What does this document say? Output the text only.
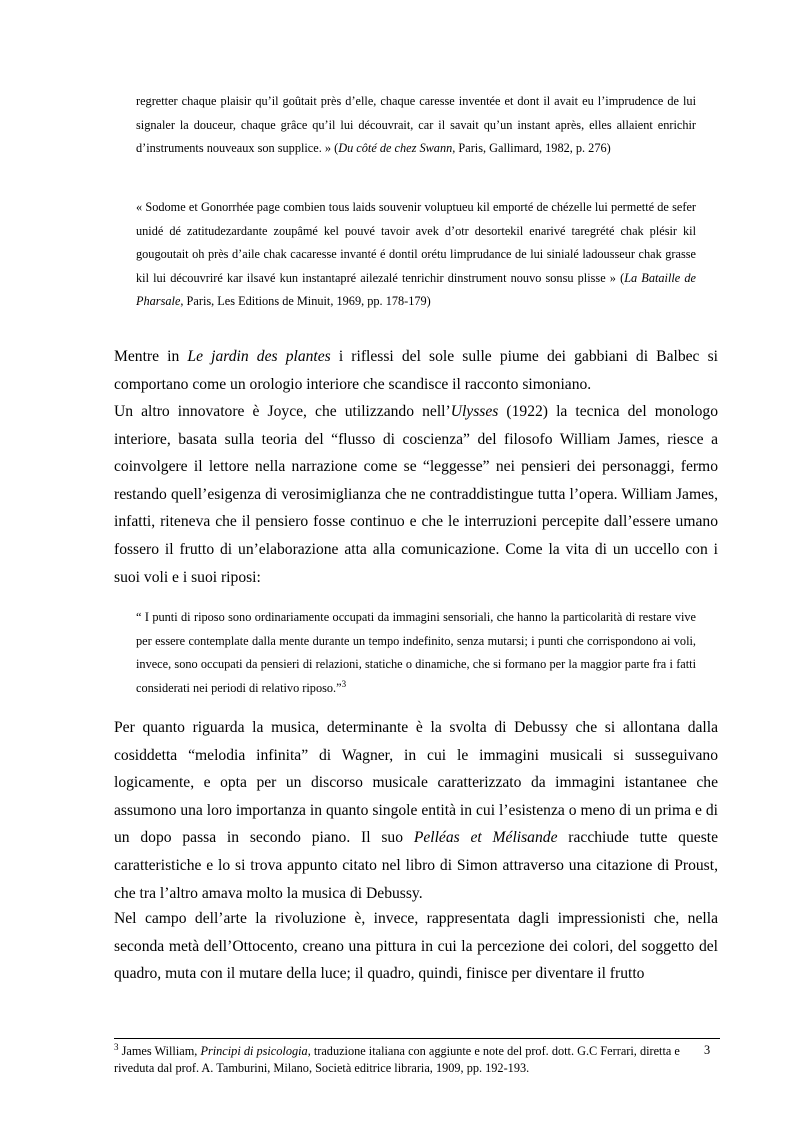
regretter chaque plaisir qu’il goûtait près d’elle, chaque caresse inventée et dont il avait eu l’imprudence de lui signaler la douceur, chaque grâce qu’il lui découvrait, car il savait qu’un instant après, elles allaient enrichir d’instruments nouveaux son supplice. » (Du côté de chez Swann, Paris, Gallimard, 1982, p. 276)

« Sodome et Gonorrhée page combien tous laids souvenir voluptueu kil emporté de chézelle lui permetté de sefer unidé dé zatitudezardante zoupâmé kel pouvé tavoir avek d’otr desortekil enarivé taregrété chak plésir kil gougoutait oh près d’aile chak cacaresse invanté é dontil orétu limprudance de lui sinialé ladousseur chak grasse kil lui découvriré kar ilsavé kun instantapré ailezalé tenrichir dinstrument nouvo sonsu plisse » (La Bataille de Pharsale, Paris, Les Editions de Minuit, 1969, pp. 178-179)

Mentre in Le jardin des plantes i riflessi del sole sulle piume dei gabbiani di Balbec si comportano come un orologio interiore che scandisce il racconto simoniano.

Un altro innovatore è Joyce, che utilizzando nell’Ulysses (1922) la tecnica del monologo interiore, basata sulla teoria del “flusso di coscienza” del filosofo William James, riesce a coinvolgere il lettore nella narrazione come se “leggesse” nei pensieri dei personaggi, fermo restando quell’esigenza di verosimiglianza che ne contraddistingue tutta l’opera. William James, infatti, riteneva che il pensiero fosse continuo e che le interruzioni percepite dall’essere umano fossero il frutto di un’elaborazione atta alla comunicazione. Come la vita di un uccello con i suoi voli e i suoi riposi:

“ I punti di riposo sono ordinariamente occupati da immagini sensoriali, che hanno la particolarità di restare vive per essere contemplate dalla mente durante un tempo indefinito, senza mutarsi; i punti che corrispondono ai voli, invece, sono occupati da pensieri di relazioni, statiche o dinamiche, che si formano per la maggior parte fra i fatti considerati nei periodi di relativo riposo.”$^3$

Per quanto riguarda la musica, determinante è la svolta di Debussy che si allontana dalla cosiddetta “melodia infinita” di Wagner, in cui le immagini musicali si susseguivano logicamente, e opta per un discorso musicale caratterizzato da immagini istantanee che assumono una loro importanza in quanto singole entità in cui l’esistenza o meno di un prima e di un dopo passa in secondo piano. Il suo Pelléas et Mélisande racchiude tutte queste caratteristiche e lo si trova appunto citato nel libro di Simon attraverso una citazione di Proust, che tra l’altro amava molto la musica di Debussy.

Nel campo dell’arte la rivoluzione è, invece, rappresentata dagli impressionisti che, nella seconda metà dell’Ottocento, creano una pittura in cui la percezione dei colori, del soggetto del quadro, muta con il mutare della luce; il quadro, quindi, finisce per diventare il frutto

$^3$ James William, Principi di psicologia, traduzione italiana con aggiunte e note del prof. dott. G.C Ferrari, diretta e riveduta dal prof. A. Tamburini, Milano, Società editrice libraria, 1909, pp. 192-193.

3
